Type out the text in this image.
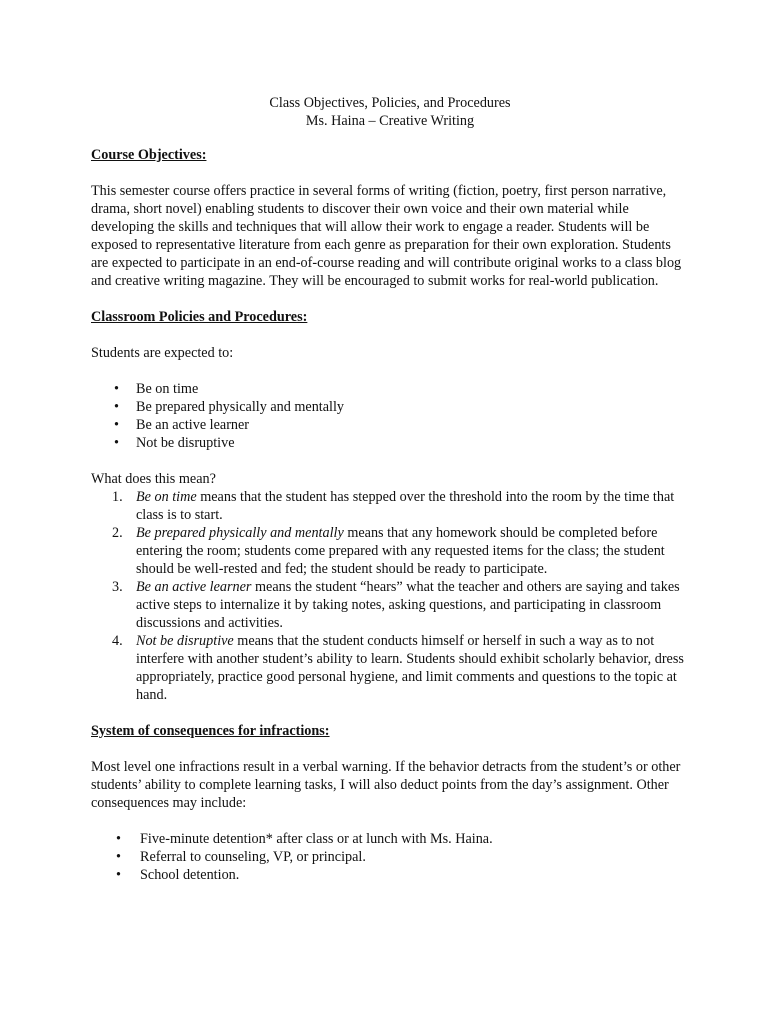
Class Objectives, Policies, and Procedures
Ms. Haina – Creative Writing

Course Objectives:

This semester course offers practice in several forms of writing (fiction, poetry, first person narrative, drama, short novel) enabling students to discover their own voice and their own material while developing the skills and techniques that will allow their work to engage a reader. Students will be exposed to representative literature from each genre as preparation for their own exploration. Students are expected to participate in an end-of-course reading and will contribute original works to a class blog and creative writing magazine. They will be encouraged to submit works for real-world publication.

Classroom Policies and Procedures:

Students are expected to:

• Be on time
• Be prepared physically and mentally
• Be an active learner
• Not be disruptive

What does this mean?

1. Be on time means that the student has stepped over the threshold into the room by the time that class is to start.
2. Be prepared physically and mentally means that any homework should be completed before entering the room; students come prepared with any requested items for the class; the student should be well-rested and fed; the student should be ready to participate.
3. Be an active learner means the student “hears” what the teacher and others are saying and takes active steps to internalize it by taking notes, asking questions, and participating in classroom discussions and activities.
4. Not be disruptive means that the student conducts himself or herself in such a way as to not interfere with another student’s ability to learn. Students should exhibit scholarly behavior, dress appropriately, practice good personal hygiene, and limit comments and questions to the topic at hand.

System of consequences for infractions:

Most level one infractions result in a verbal warning. If the behavior detracts from the student’s or other students’ ability to complete learning tasks, I will also deduct points from the day’s assignment. Other consequences may include:

• Five-minute detention* after class or at lunch with Ms. Haina.
• Referral to counseling, VP, or principal.
• School detention.
